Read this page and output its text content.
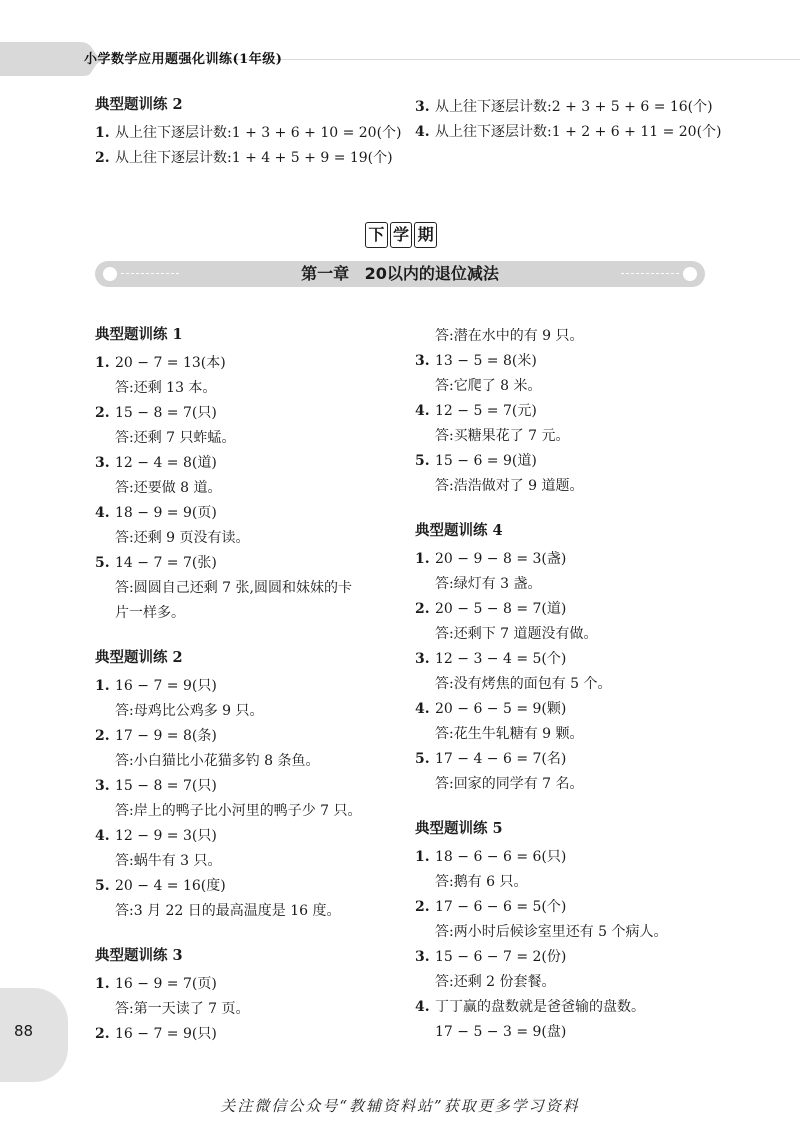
小学数学应用题强化训练(1年级)
典型题训练 2
1. 从上往下逐层计数:1 + 3 + 6 + 10 = 20(个)
2. 从上往下逐层计数:1 + 4 + 5 + 9 = 19(个)
3. 从上往下逐层计数:2 + 3 + 5 + 6 = 16(个)
4. 从上往下逐层计数:1 + 2 + 6 + 11 = 20(个)
下 学 期
第一章 20以内的退位减法
典型题训练 1
1. 20 − 7 = 13(本)
答:还剩 13 本。
2. 15 − 8 = 7(只)
答:还剩 7 只蚱蜢。
3. 12 − 4 = 8(道)
答:还要做 8 道。
4. 18 − 9 = 9(页)
答:还剩 9 页没有读。
5. 14 − 7 = 7(张)
答:圆圆自己还剩 7 张,圆圆和妹妹的卡
片一样多。
典型题训练 2
1. 16 − 7 = 9(只)
答:母鸡比公鸡多 9 只。
2. 17 − 9 = 8(条)
答:小白猫比小花猫多钓 8 条鱼。
3. 15 − 8 = 7(只)
答:岸上的鸭子比小河里的鸭子少 7 只。
4. 12 − 9 = 3(只)
答:蜗牛有 3 只。
5. 20 − 4 = 16(度)
答:3 月 22 日的最高温度是 16 度。
典型题训练 3
1. 16 − 9 = 7(页)
答:第一天读了 7 页。
2. 16 − 7 = 9(只)
答:潜在水中的有 9 只。
3. 13 − 5 = 8(米)
答:它爬了 8 米。
4. 12 − 5 = 7(元)
答:买糖果花了 7 元。
5. 15 − 6 = 9(道)
答:浩浩做对了 9 道题。
典型题训练 4
1. 20 − 9 − 8 = 3(盏)
答:绿灯有 3 盏。
2. 20 − 5 − 8 = 7(道)
答:还剩下 7 道题没有做。
3. 12 − 3 − 4 = 5(个)
答:没有烤焦的面包有 5 个。
4. 20 − 6 − 5 = 9(颗)
答:花生牛轧糖有 9 颗。
5. 17 − 4 − 6 = 7(名)
答:回家的同学有 7 名。
典型题训练 5
1. 18 − 6 − 6 = 6(只)
答:鹅有 6 只。
2. 17 − 6 − 6 = 5(个)
答:两小时后候诊室里还有 5 个病人。
3. 15 − 6 − 7 = 2(份)
答:还剩 2 份套餐。
4. 丁丁赢的盘数就是爸爸输的盘数。
17 − 5 − 3 = 9(盘)
88
关注微信公众号“教辅资料站”获取更多学习资料
